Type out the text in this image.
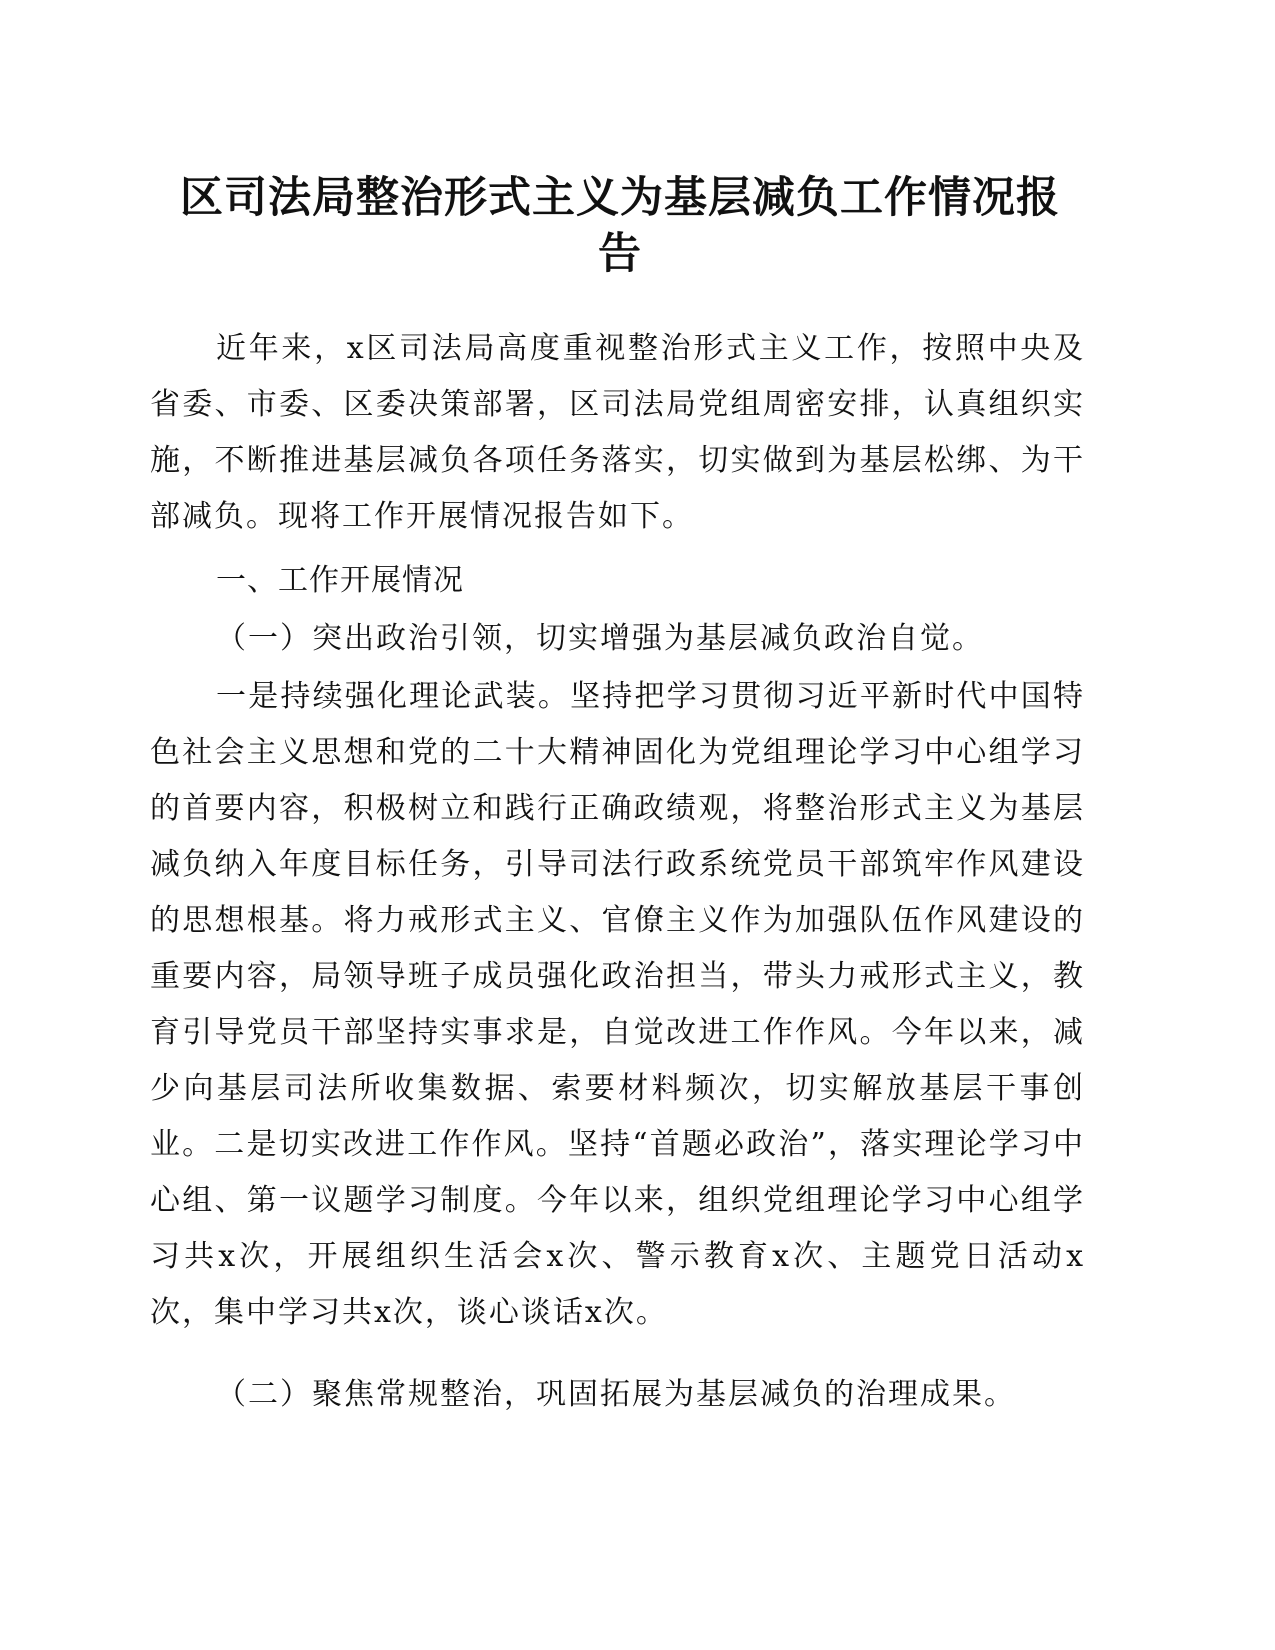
区司法局整治形式主义为基层减负工作情况报
告

近年来，x区司法局高度重视整治形式主义工作，按照中央及省委、市委、区委决策部署，区司法局党组周密安排，认真组织实施，不断推进基层减负各项任务落实，切实做到为基层松绑、为干部减负。现将工作开展情况报告如下。

一、工作开展情况

（一）突出政治引领，切实增强为基层减负政治自觉。

一是持续强化理论武装。坚持把学习贯彻习近平新时代中国特色社会主义思想和党的二十大精神固化为党组理论学习中心组学习的首要内容，积极树立和践行正确政绩观，将整治形式主义为基层减负纳入年度目标任务，引导司法行政系统党员干部筑牢作风建设的思想根基。将力戒形式主义、官僚主义作为加强队伍作风建设的重要内容，局领导班子成员强化政治担当，带头力戒形式主义，教育引导党员干部坚持实事求是，自觉改进工作作风。今年以来，减少向基层司法所收集数据、索要材料频次，切实解放基层干事创业。二是切实改进工作作风。坚持“首题必政治”，落实理论学习中心组、第一议题学习制度。今年以来，组织党组理论学习中心组学习共x次，开展组织生活会x次、警示教育x次、主题党日活动x次，集中学习共x次，谈心谈话x次。

（二）聚焦常规整治，巩固拓展为基层减负的治理成果。
